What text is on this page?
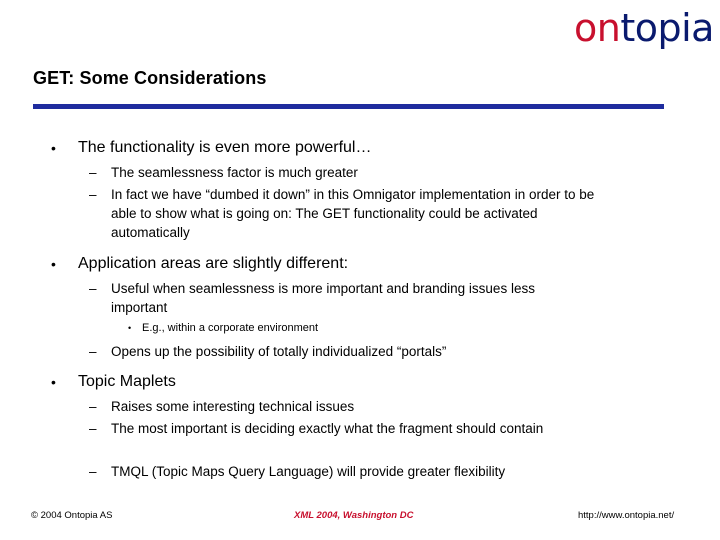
ontopia
GET: Some Considerations
• The functionality is even more powerful…
– The seamlessness factor is much greater
– In fact we have “dumbed it down” in this Omnigator implementation in order to be able to show what is going on: The GET functionality could be activated automatically
• Application areas are slightly different:
– Useful when seamlessness is more important and branding issues less important
• E.g., within a corporate environment
– Opens up the possibility of totally individualized “portals”
• Topic Maplets
– Raises some interesting technical issues
– The most important is deciding exactly what the fragment should contain
– TMQL (Topic Maps Query Language) will provide greater flexibility
© 2004 Ontopia AS	XML 2004, Washington DC	http://www.ontopia.net/
